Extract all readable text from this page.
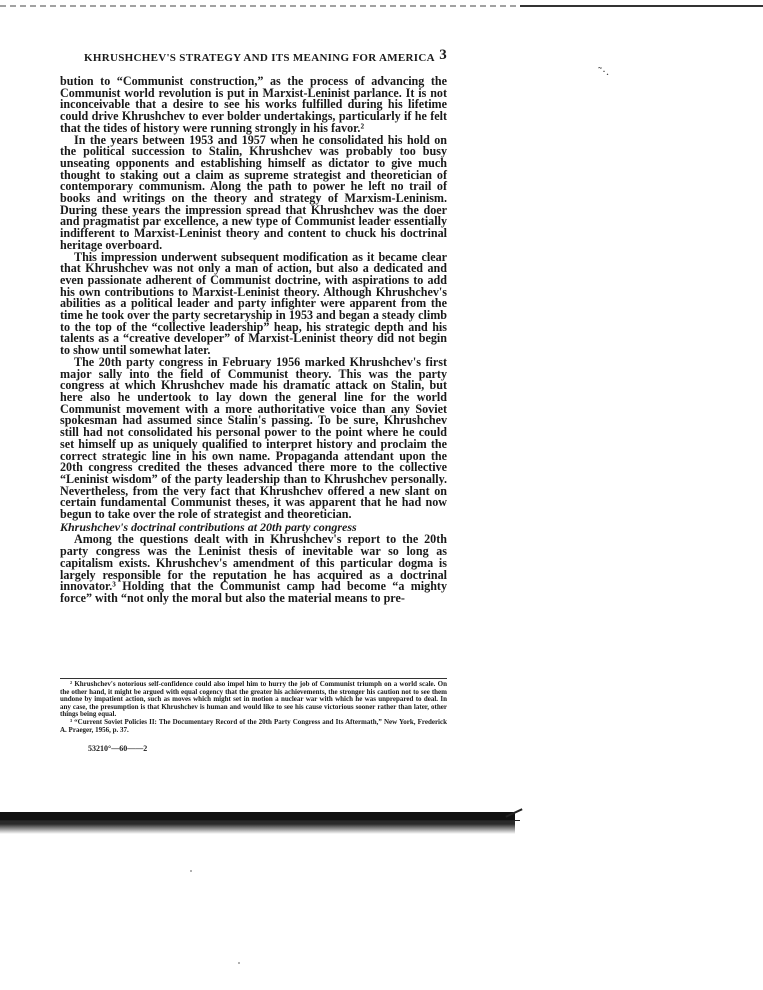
KHRUSHCHEV'S STRATEGY AND ITS MEANING FOR AMERICA 3
˜·.

bution to “Communist construction,” as the process of advancing the Communist world revolution is put in Marxist-Leninist parlance. It is not inconceivable that a desire to see his works fulfilled during his lifetime could drive Khrushchev to ever bolder undertakings, particularly if he felt that the tides of history were running strongly in his favor.²

In the years between 1953 and 1957 when he consolidated his hold on the political succession to Stalin, Khrushchev was probably too busy unseating opponents and establishing himself as dictator to give much thought to staking out a claim as supreme strategist and theoretician of contemporary communism. Along the path to power he left no trail of books and writings on the theory and strategy of Marxism-Leninism. During these years the impression spread that Khrushchev was the doer and pragmatist par excellence, a new type of Communist leader essentially indifferent to Marxist-Leninist theory and content to chuck his doctrinal heritage overboard.

This impression underwent subsequent modification as it became clear that Khrushchev was not only a man of action, but also a dedicated and even passionate adherent of Communist doctrine, with aspirations to add his own contributions to Marxist-Leninist theory. Although Khrushchev's abilities as a political leader and party infighter were apparent from the time he took over the party secretaryship in 1953 and began a steady climb to the top of the “collective leadership” heap, his strategic depth and his talents as a “creative developer” of Marxist-Leninist theory did not begin to show until somewhat later.

The 20th party congress in February 1956 marked Khrushchev's first major sally into the field of Communist theory. This was the party congress at which Khrushchev made his dramatic attack on Stalin, but here also he undertook to lay down the general line for the world Communist movement with a more authoritative voice than any Soviet spokesman had assumed since Stalin's passing. To be sure, Khrushchev still had not consolidated his personal power to the point where he could set himself up as uniquely qualified to interpret history and proclaim the correct strategic line in his own name. Propaganda attendant upon the 20th congress credited the theses advanced there more to the collective “Leninist wisdom” of the party leadership than to Khrushchev personally. Nevertheless, from the very fact that Khrushchev offered a new slant on certain fundamental Communist theses, it was apparent that he had now begun to take over the role of strategist and theoretician.

Khrushchev's doctrinal contributions at 20th party congress

Among the questions dealt with in Khrushchev's report to the 20th party congress was the Leninist thesis of inevitable war so long as capitalism exists. Khrushchev's amendment of this particular dogma is largely responsible for the reputation he has acquired as a doctrinal innovator.³ Holding that the Communist camp had become “a mighty force” with “not only the moral but also the material means to pre-

² Khrushchev's notorious self-confidence could also impel him to hurry the job of Communist triumph on a world scale. On the other hand, it might be argued with equal cogency that the greater his achievements, the stronger his caution not to see them undone by impatient action, such as moves which might set in motion a nuclear war with which he was unprepared to deal. In any case, the presumption is that Khrushchev is human and would like to see his cause victorious sooner rather than later, other things being equal.

³ “Current Soviet Policies II: The Documentary Record of the 20th Party Congress and Its Aftermath,” New York, Frederick A. Praeger, 1956, p. 37.

53210°—60——2
